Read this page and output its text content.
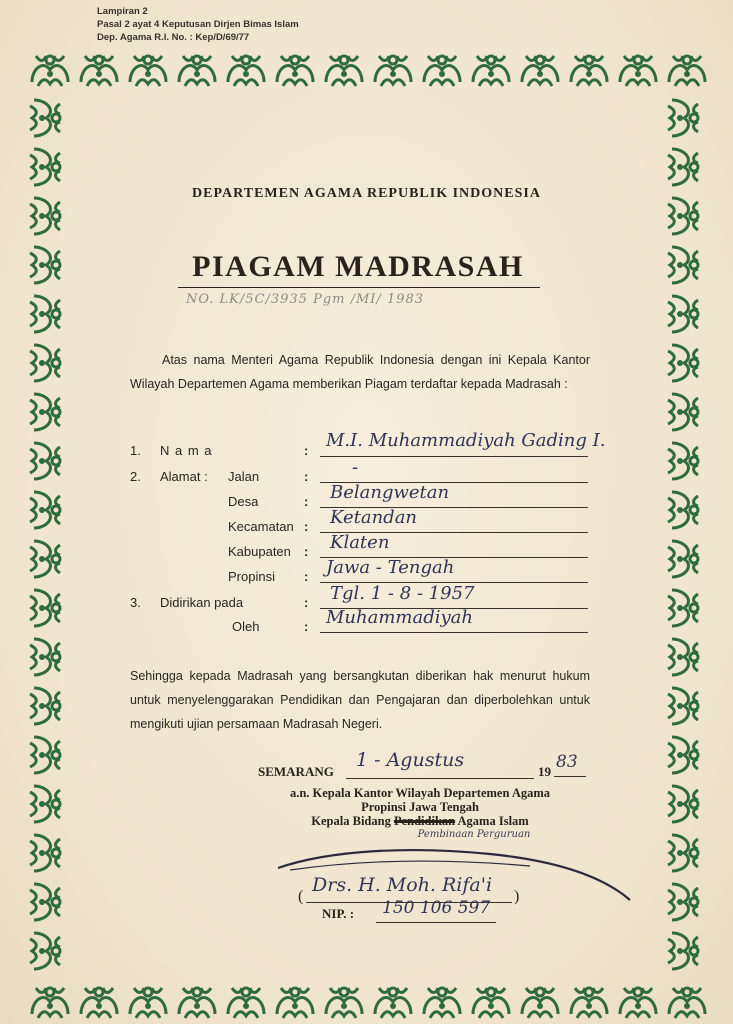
Lampiran 2
Pasal 2 ayat 4 Keputusan Dirjen Bimas Islam
Dep. Agama R.I. No. : Kep/D/69/77
DEPARTEMEN AGAMA REPUBLIK INDONESIA
PIAGAM MADRASAH
NO. LK/5C/3935 Pgm /MI/ 1983
Atas nama Menteri Agama Republik Indonesia dengan ini Kepala Kantor Wilayah Departemen Agama memberikan Piagam terdaftar kepada Madrasah :
1. N a m a	: M.I. Muhammadiyah Gading I.
2. Alamat : Jalan	: -
Desa	: Belangwetan
Kecamatan : Ketandan
Kabupaten : Klaten
Propinsi : Jawa - Tengah
3. Didirikan pada	: Tgl. 1 - 8 - 1957
Oleh	: Muhammadiyah
Sehingga kepada Madrasah yang bersangkutan diberikan hak menurut hukum untuk menyelenggarakan Pendidikan dan Pengajaran dan diperbolehkan untuk mengikuti ujian persamaan Madrasah Negeri.
SEMARANG
1 - Agustus
19 83
a.n. Kepala Kantor Wilayah Departemen Agama
Propinsi Jawa Tengah
Kepala Bidang Pendidikan Agama Islam
Pembinaan Perguruan
(
Drs. H. Moh. Rifa'i
)
NIP. : 150 106 597
